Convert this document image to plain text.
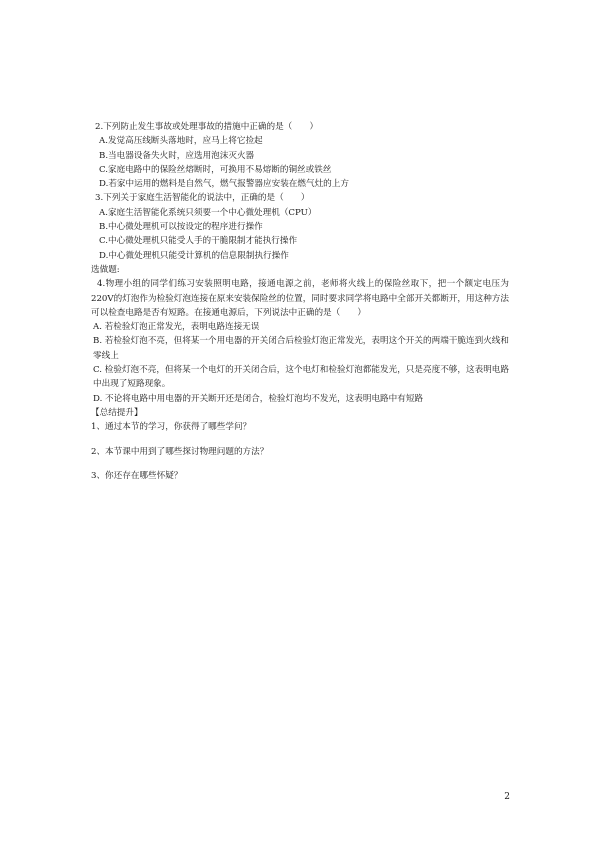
2.下列防止发生事故或处理事故的措施中正确的是（　　）
A.发觉高压线断头落地时，应马上将它捡起
B.当电器设备失火时，应选用泡沫灭火器
C.家庭电路中的保险丝熔断时，可换用不易熔断的铜丝或铁丝
D.若家中运用的燃料是自然气，燃气报警器应安装在燃气灶的上方
3.下列关于家庭生活智能化的说法中，正确的是（　　）
A.家庭生活智能化系统只须要一个中心微处理机（CPU）
B.中心微处理机可以按设定的程序进行操作
C.中心微处理机只能受人手的干脆限制才能执行操作
D.中心微处理机只能受计算机的信息限制执行操作
选做题:
4.物理小组的同学们练习安装照明电路，接通电源之前，老师将火线上的保险丝取下，把一个额定电压为220V的灯泡作为检验灯泡连接在原来安装保险丝的位置，同时要求同学将电路中全部开关都断开，用这种方法可以检查电路是否有短路。在接通电源后，下列说法中正确的是（　　）
A. 若检验灯泡正常发光，表明电路连接无误
B. 若检验灯泡不亮，但将某一个用电器的开关闭合后检验灯泡正常发光，表明这个开关的两端干脆连到火线和零线上
C. 检验灯泡不亮，但将某一个电灯的开关闭合后，这个电灯和检验灯泡都能发光，只是亮度不够，这表明电路中出现了短路现象。
D. 不论将电路中用电器的开关断开还是闭合，检验灯泡均不发光，这表明电路中有短路
【总结提升】
1、通过本节的学习，你获得了哪些学问？
2、本节课中用到了哪些探讨物理问题的方法？
3、你还存在哪些怀疑？
2
